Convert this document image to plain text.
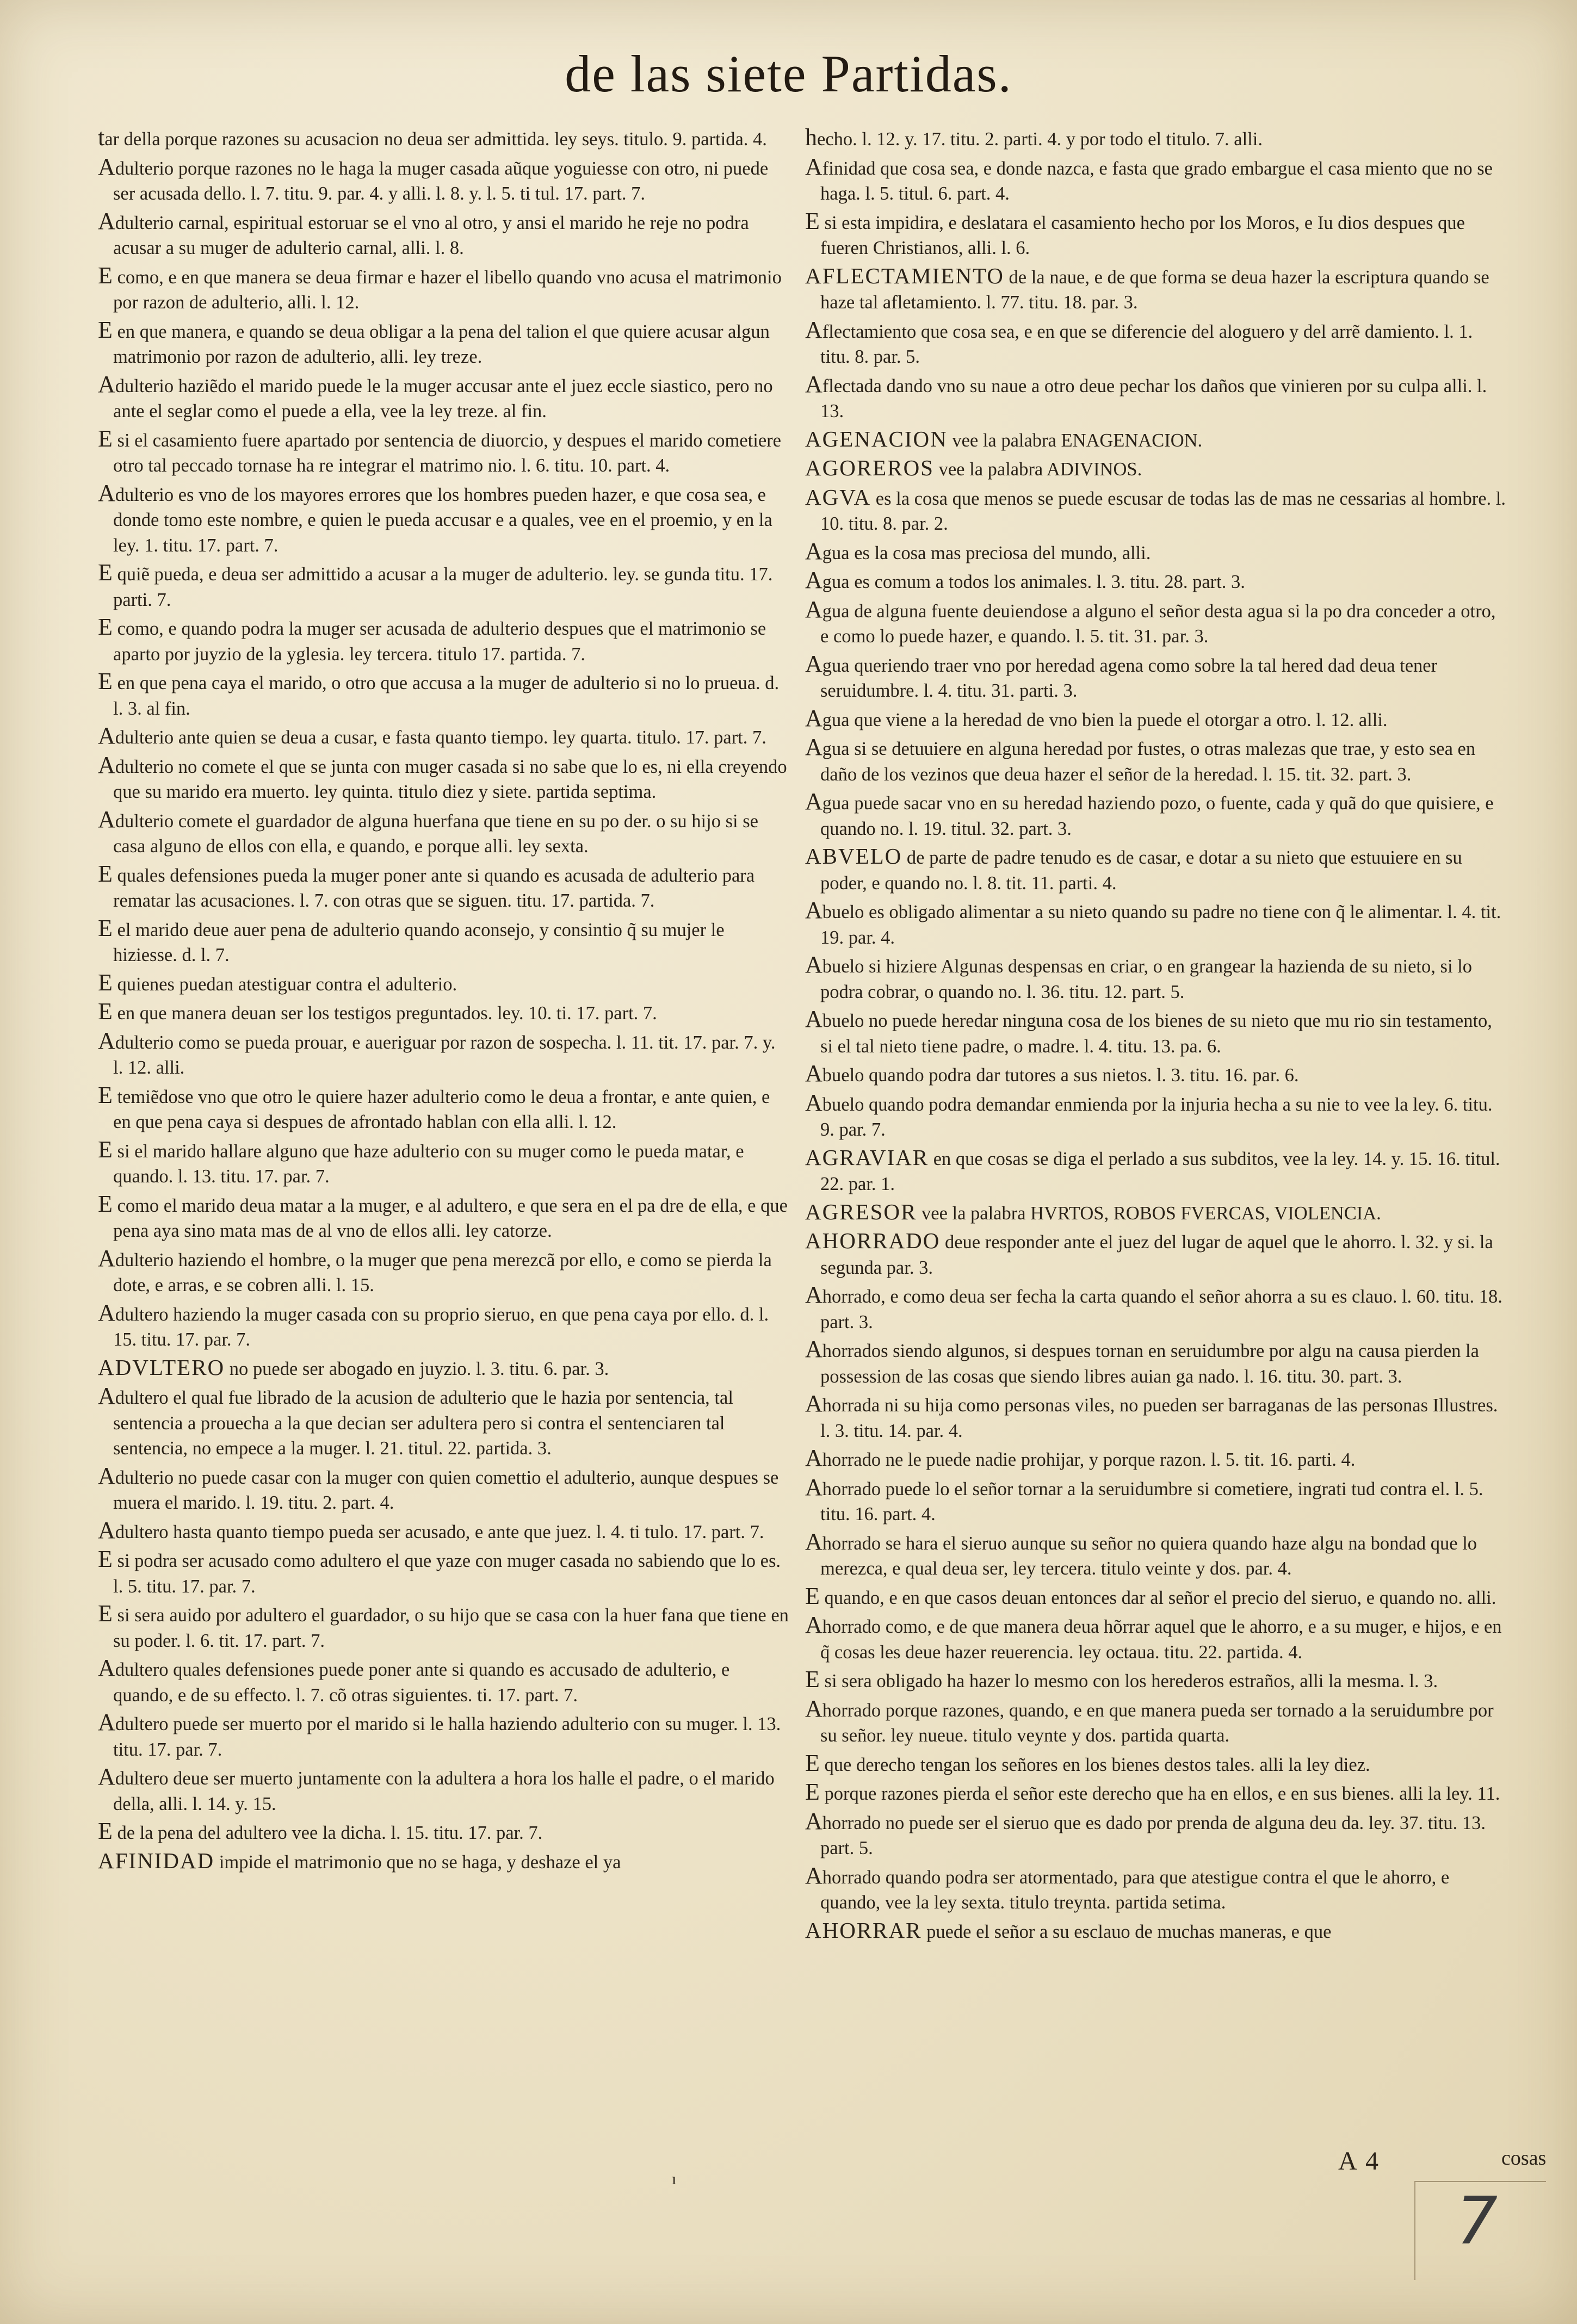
de las siete Partidas.

tar della porque razones su acusacion no deua ser admittida. ley seys. titulo. 9. partida. 4.

Adulterio porque razones no le haga la muger casada aũque yoguiesse con otro, ni puede ser acusada dello. l. 7. titu. 9. par. 4. y alli. l. 8. y. l. 5. ti tul. 17. part. 7.

Adulterio carnal, espiritual estoruar se el vno al otro, y ansi el marido he reje no podra acusar a su muger de adulterio carnal, alli. l. 8.

E como, e en que manera se deua firmar e hazer el libello quando vno acusa el matrimonio por razon de adulterio, alli. l. 12.

E en que manera, e quando se deua obligar a la pena del talion el que quiere acusar algun matrimonio por razon de adulterio, alli. ley treze.

Adulterio haziẽdo el marido puede le la muger accusar ante el juez eccle siastico, pero no ante el seglar como el puede a ella, vee la ley treze. al fin.

E si el casamiento fuere apartado por sentencia de diuorcio, y despues el marido cometiere otro tal peccado tornase ha re integrar el matrimo nio. l. 6. titu. 10. part. 4.

Adulterio es vno de los mayores errores que los hombres pueden hazer, e que cosa sea, e donde tomo este nombre, e quien le pueda accusar e a quales, vee en el proemio, y en la ley. 1. titu. 17. part. 7.

E quiẽ pueda, e deua ser admittido a acusar a la muger de adulterio. ley. se gunda titu. 17. parti. 7.

E como, e quando podra la muger ser acusada de adulterio despues que el matrimonio se aparto por juyzio de la yglesia. ley tercera. titulo 17. partida. 7.

E en que pena caya el marido, o otro que accusa a la muger de adulterio si no lo prueua. d. l. 3. al fin.

Adulterio ante quien se deua a cusar, e fasta quanto tiempo. ley quarta. titulo. 17. part. 7.

Adulterio no comete el que se junta con muger casada si no sabe que lo es, ni ella creyendo que su marido era muerto. ley quinta. titulo diez y siete. partida septima.

Adulterio comete el guardador de alguna huerfana que tiene en su po der. o su hijo si se casa alguno de ellos con ella, e quando, e porque alli. ley sexta.

E quales defensiones pueda la muger poner ante si quando es acusada de adulterio para rematar las acusaciones. l. 7. con otras que se siguen. titu. 17. partida. 7.

E el marido deue auer pena de adulterio quando aconsejo, y consintio q̃ su mujer le hiziesse. d. l. 7.

E quienes puedan atestiguar contra el adulterio.

E en que manera deuan ser los testigos preguntados. ley. 10. ti. 17. part. 7.

Adulterio como se pueda prouar, e aueriguar por razon de sospecha. l. 11. tit. 17. par. 7. y. l. 12. alli.

E temiẽdose vno que otro le quiere hazer adulterio como le deua a frontar, e ante quien, e en que pena caya si despues de afrontado hablan con ella alli. l. 12.

E si el marido hallare alguno que haze adulterio con su muger como le pueda matar, e quando. l. 13. titu. 17. par. 7.

E como el marido deua matar a la muger, e al adultero, e que sera en el pa dre de ella, e que pena aya sino mata mas de al vno de ellos alli. ley catorze.

Adulterio haziendo el hombre, o la muger que pena merezcã por ello, e como se pierda la dote, e arras, e se cobren alli. l. 15.

Adultero haziendo la muger casada con su proprio sieruo, en que pena caya por ello. d. l. 15. titu. 17. par. 7.

ADVLTERO no puede ser abogado en juyzio. l. 3. titu. 6. par. 3.

Adultero el qual fue librado de la acusion de adulterio que le hazia por sentencia, tal sentencia a prouecha a la que decian ser adultera pero si contra el sentenciaren tal sentencia, no empece a la muger. l. 21. titul. 22. partida. 3.

Adulterio no puede casar con la muger con quien comettio el adulterio, aunque despues se muera el marido. l. 19. titu. 2. part. 4.

Adultero hasta quanto tiempo pueda ser acusado, e ante que juez. l. 4. ti tulo. 17. part. 7.

E si podra ser acusado como adultero el que yaze con muger casada no sabiendo que lo es. l. 5. titu. 17. par. 7.

E si sera auido por adultero el guardador, o su hijo que se casa con la huer fana que tiene en su poder. l. 6. tit. 17. part. 7.

Adultero quales defensiones puede poner ante si quando es accusado de adulterio, e quando, e de su effecto. l. 7. cõ otras siguientes. ti. 17. part. 7.

Adultero puede ser muerto por el marido si le halla haziendo adulterio con su muger. l. 13. titu. 17. par. 7.

Adultero deue ser muerto juntamente con la adultera a hora los halle el padre, o el marido della, alli. l. 14. y. 15.

E de la pena del adultero vee la dicha. l. 15. titu. 17. par. 7.

AFINIDAD impide el matrimonio que no se haga, y deshaze el ya

hecho. l. 12. y. 17. titu. 2. parti. 4. y por todo el titulo. 7. alli.

Afinidad que cosa sea, e donde nazca, e fasta que grado embargue el casa miento que no se haga. l. 5. titul. 6. part. 4.

E si esta impidira, e deslatara el casamiento hecho por los Moros, e Iu dios despues que fueren Christianos, alli. l. 6.

AFLECTAMIENTO de la naue, e de que forma se deua hazer la escriptura quando se haze tal afletamiento. l. 77. titu. 18. par. 3.

Aflectamiento que cosa sea, e en que se diferencie del aloguero y del arrẽ damiento. l. 1. titu. 8. par. 5.

Aflectada dando vno su naue a otro deue pechar los daños que vinieren por su culpa alli. l. 13.

AGENACION vee la palabra ENAGENACION.

AGOREROS vee la palabra ADIVINOS.

AGVA es la cosa que menos se puede escusar de todas las de mas ne cessarias al hombre. l. 10. titu. 8. par. 2.

Agua es la cosa mas preciosa del mundo, alli.

Agua es comum a todos los animales. l. 3. titu. 28. part. 3.

Agua de alguna fuente deuiendose a alguno el señor desta agua si la po dra conceder a otro, e como lo puede hazer, e quando. l. 5. tit. 31. par. 3.

Agua queriendo traer vno por heredad agena como sobre la tal hered dad deua tener seruidumbre. l. 4. titu. 31. parti. 3.

Agua que viene a la heredad de vno bien la puede el otorgar a otro. l. 12. alli.

Agua si se detuuiere en alguna heredad por fustes, o otras malezas que trae, y esto sea en daño de los vezinos que deua hazer el señor de la heredad. l. 15. tit. 32. part. 3.

Agua puede sacar vno en su heredad haziendo pozo, o fuente, cada y quã do que quisiere, e quando no. l. 19. titul. 32. part. 3.

ABVELO de parte de padre tenudo es de casar, e dotar a su nieto que estuuiere en su poder, e quando no. l. 8. tit. 11. parti. 4.

Abuelo es obligado alimentar a su nieto quando su padre no tiene con q̃ le alimentar. l. 4. tit. 19. par. 4.

Abuelo si hiziere Algunas despensas en criar, o en grangear la hazienda de su nieto, si lo podra cobrar, o quando no. l. 36. titu. 12. part. 5.

Abuelo no puede heredar ninguna cosa de los bienes de su nieto que mu rio sin testamento, si el tal nieto tiene padre, o madre. l. 4. titu. 13. pa. 6.

Abuelo quando podra dar tutores a sus nietos. l. 3. titu. 16. par. 6.

Abuelo quando podra demandar enmienda por la injuria hecha a su nie to vee la ley. 6. titu. 9. par. 7.

AGRAVIAR en que cosas se diga el perlado a sus subditos, vee la ley. 14. y. 15. 16. titul. 22. par. 1.

AGRESOR vee la palabra HVRTOS, ROBOS FVERCAS, VIOLENCIA.

AHORRADO deue responder ante el juez del lugar de aquel que le ahorro. l. 32. y si. la segunda par. 3.

Ahorrado, e como deua ser fecha la carta quando el señor ahorra a su es clauo. l. 60. titu. 18. part. 3.

Ahorrados siendo algunos, si despues tornan en seruidumbre por algu na causa pierden la possession de las cosas que siendo libres auian ga nado. l. 16. titu. 30. part. 3.

Ahorrada ni su hija como personas viles, no pueden ser barraganas de las personas Illustres. l. 3. titu. 14. par. 4.

Ahorrado ne le puede nadie prohijar, y porque razon. l. 5. tit. 16. parti. 4.

Ahorrado puede lo el señor tornar a la seruidumbre si cometiere, ingrati tud contra el. l. 5. titu. 16. part. 4.

Ahorrado se hara el sieruo aunque su señor no quiera quando haze algu na bondad que lo merezca, e qual deua ser, ley tercera. titulo veinte y dos. par. 4.

E quando, e en que casos deuan entonces dar al señor el precio del sieruo, e quando no. alli.

Ahorrado como, e de que manera deua hõrrar aquel que le ahorro, e a su muger, e hijos, e en q̃ cosas les deue hazer reuerencia. ley octaua. titu. 22. partida. 4.

E si sera obligado ha hazer lo mesmo con los herederos estraños, alli la mesma. l. 3.

Ahorrado porque razones, quando, e en que manera pueda ser tornado a la seruidumbre por su señor. ley nueue. titulo veynte y dos. partida quarta.

E que derecho tengan los señores en los bienes destos tales. alli la ley diez.

E porque razones pierda el señor este derecho que ha en ellos, e en sus bienes. alli la ley. 11.

Ahorrado no puede ser el sieruo que es dado por prenda de alguna deu da. ley. 37. titu. 13. part. 5.

Ahorrado quando podra ser atormentado, para que atestigue contra el que le ahorro, e quando, vee la ley sexta. titulo treynta. partida setima.

AHORRAR puede el señor a su esclauo de muchas maneras, e que

ı
A 4	cosas
7
